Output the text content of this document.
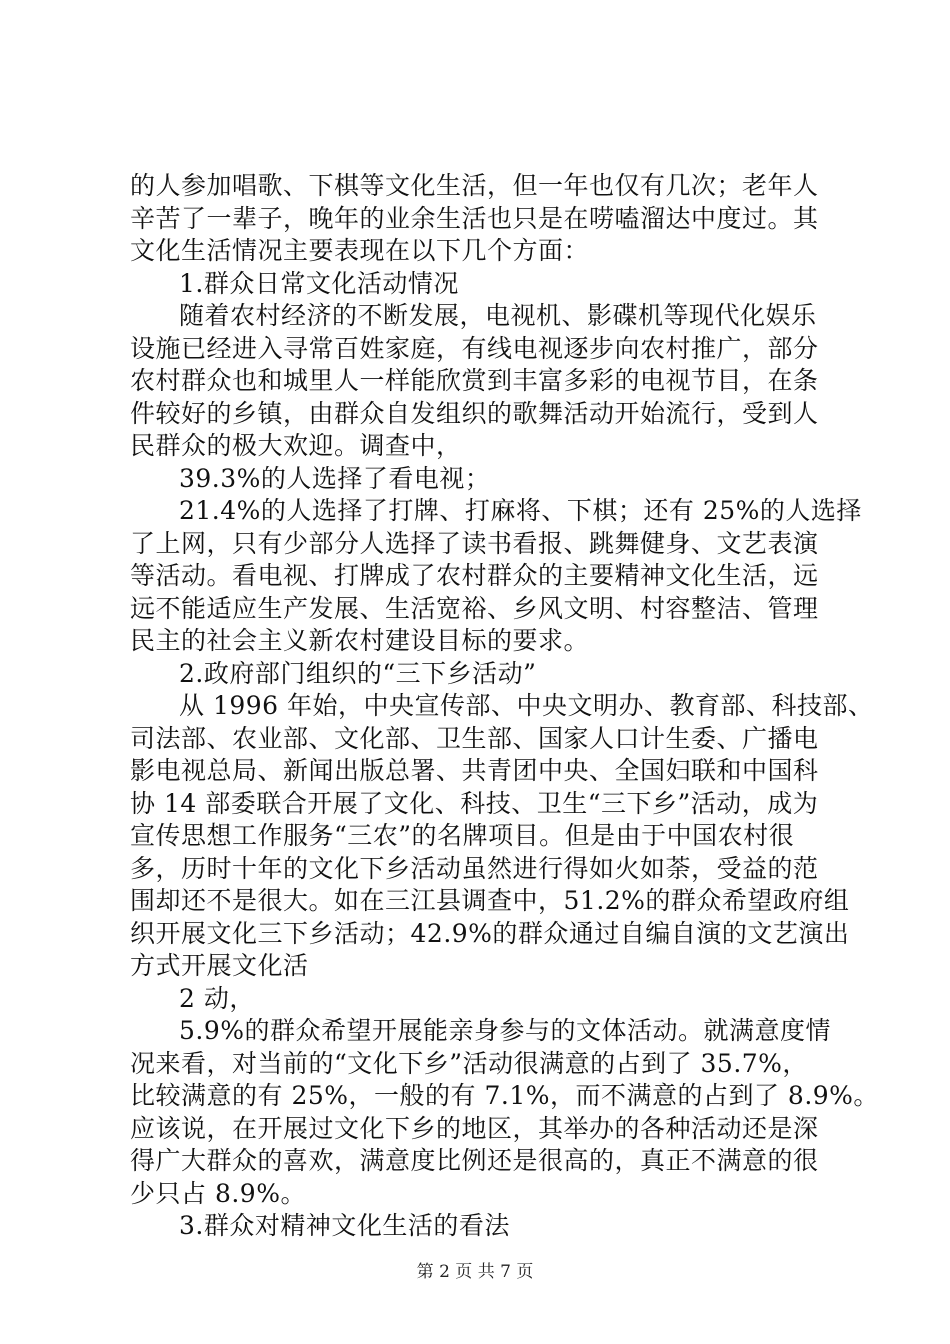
的人参加唱歌、下棋等文化生活，但一年也仅有几次；老年人
辛苦了一辈子，晚年的业余生活也只是在唠嗑溜达中度过。其
文化生活情况主要表现在以下几个方面：
1.群众日常文化活动情况
随着农村经济的不断发展，电视机、影碟机等现代化娱乐
设施已经进入寻常百姓家庭，有线电视逐步向农村推广，部分
农村群众也和城里人一样能欣赏到丰富多彩的电视节目，在条
件较好的乡镇，由群众自发组织的歌舞活动开始流行，受到人
民群众的极大欢迎。调查中，
39.3%的人选择了看电视；
21.4%的人选择了打牌、打麻将、下棋；还有 25%的人选择
了上网，只有少部分人选择了读书看报、跳舞健身、文艺表演
等活动。看电视、打牌成了农村群众的主要精神文化生活，远
远不能适应生产发展、生活宽裕、乡风文明、村容整洁、管理
民主的社会主义新农村建设目标的要求。
2.政府部门组织的“三下乡活动”
从 1996 年始，中央宣传部、中央文明办、教育部、科技部、
司法部、农业部、文化部、卫生部、国家人口计生委、广播电
影电视总局、新闻出版总署、共青团中央、全国妇联和中国科
协 14 部委联合开展了文化、科技、卫生“三下乡”活动，成为
宣传思想工作服务“三农”的名牌项目。但是由于中国农村很
多，历时十年的文化下乡活动虽然进行得如火如荼，受益的范
围却还不是很大。如在三江县调查中，51.2%的群众希望政府组
织开展文化三下乡活动；42.9%的群众通过自编自演的文艺演出
方式开展文化活
2 动，
5.9%的群众希望开展能亲身参与的文体活动。就满意度情
况来看，对当前的“文化下乡”活动很满意的占到了 35.7%，
比较满意的有 25%，一般的有 7.1%，而不满意的占到了 8.9%。
应该说，在开展过文化下乡的地区，其举办的各种活动还是深
得广大群众的喜欢，满意度比例还是很高的，真正不满意的很
少只占 8.9%。
3.群众对精神文化生活的看法
第 2 页 共 7 页
